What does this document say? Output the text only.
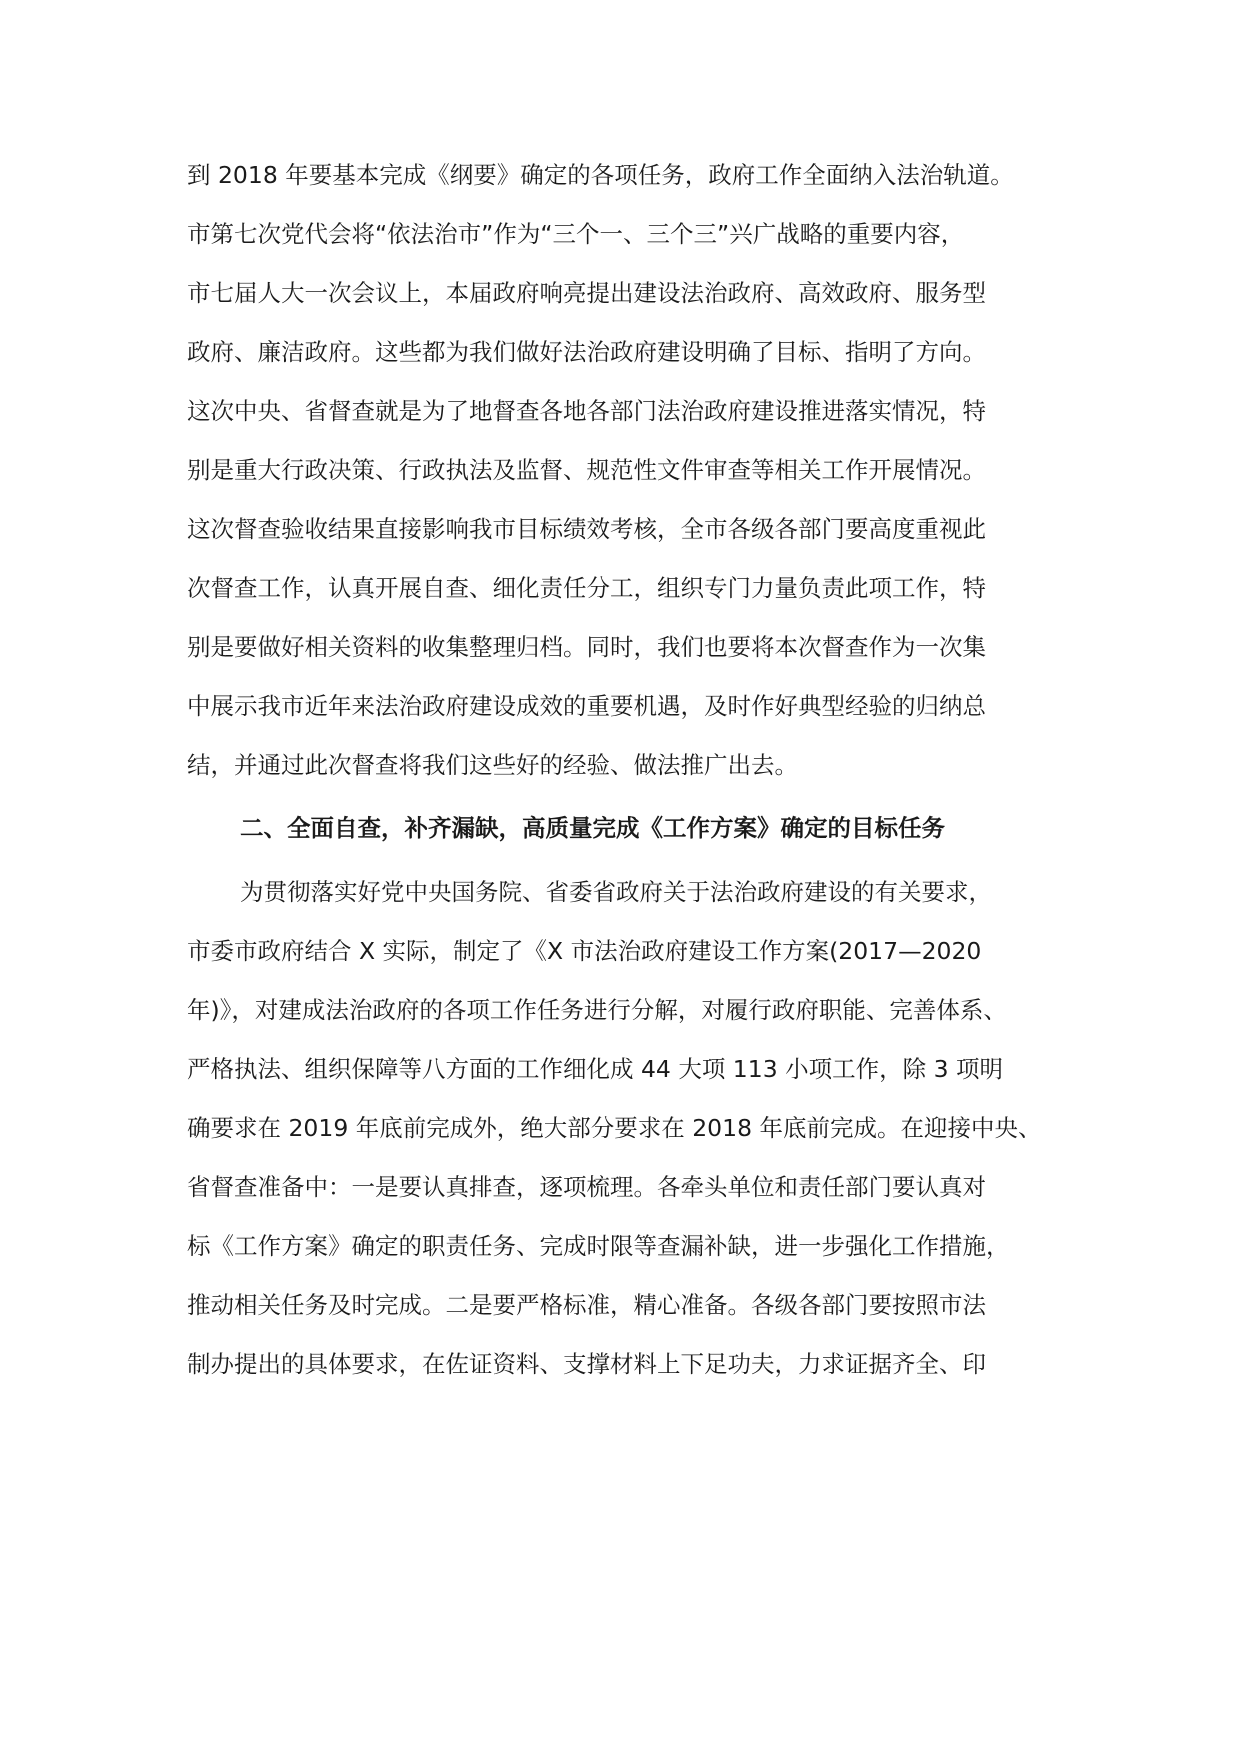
到 2018 年要基本完成《纲要》确定的各项任务，政府工作全面纳入法治轨道。
市第七次党代会将“依法治市”作为“三个一、三个三”兴广战略的重要内容，
市七届人大一次会议上，本届政府响亮提出建设法治政府、高效政府、服务型
政府、廉洁政府。这些都为我们做好法治政府建设明确了目标、指明了方向。
这次中央、省督查就是为了地督查各地各部门法治政府建设推进落实情况，特
别是重大行政决策、行政执法及监督、规范性文件审查等相关工作开展情况。
这次督查验收结果直接影响我市目标绩效考核，全市各级各部门要高度重视此
次督查工作，认真开展自查、细化责任分工，组织专门力量负责此项工作，特
别是要做好相关资料的收集整理归档。同时，我们也要将本次督查作为一次集
中展示我市近年来法治政府建设成效的重要机遇，及时作好典型经验的归纳总
结，并通过此次督查将我们这些好的经验、做法推广出去。
二、全面自查，补齐漏缺，高质量完成《工作方案》确定的目标任务
为贯彻落实好党中央国务院、省委省政府关于法治政府建设的有关要求，
市委市政府结合 X 实际，制定了《X 市法治政府建设工作方案(2017—2020
年)》，对建成法治政府的各项工作任务进行分解，对履行政府职能、完善体系、
严格执法、组织保障等八方面的工作细化成 44 大项 113 小项工作，除 3 项明
确要求在 2019 年底前完成外，绝大部分要求在 2018 年底前完成。在迎接中央、
省督查准备中：一是要认真排查，逐项梳理。各牵头单位和责任部门要认真对
标《工作方案》确定的职责任务、完成时限等查漏补缺，进一步强化工作措施，
推动相关任务及时完成。二是要严格标准，精心准备。各级各部门要按照市法
制办提出的具体要求，在佐证资料、支撑材料上下足功夫，力求证据齐全、印
